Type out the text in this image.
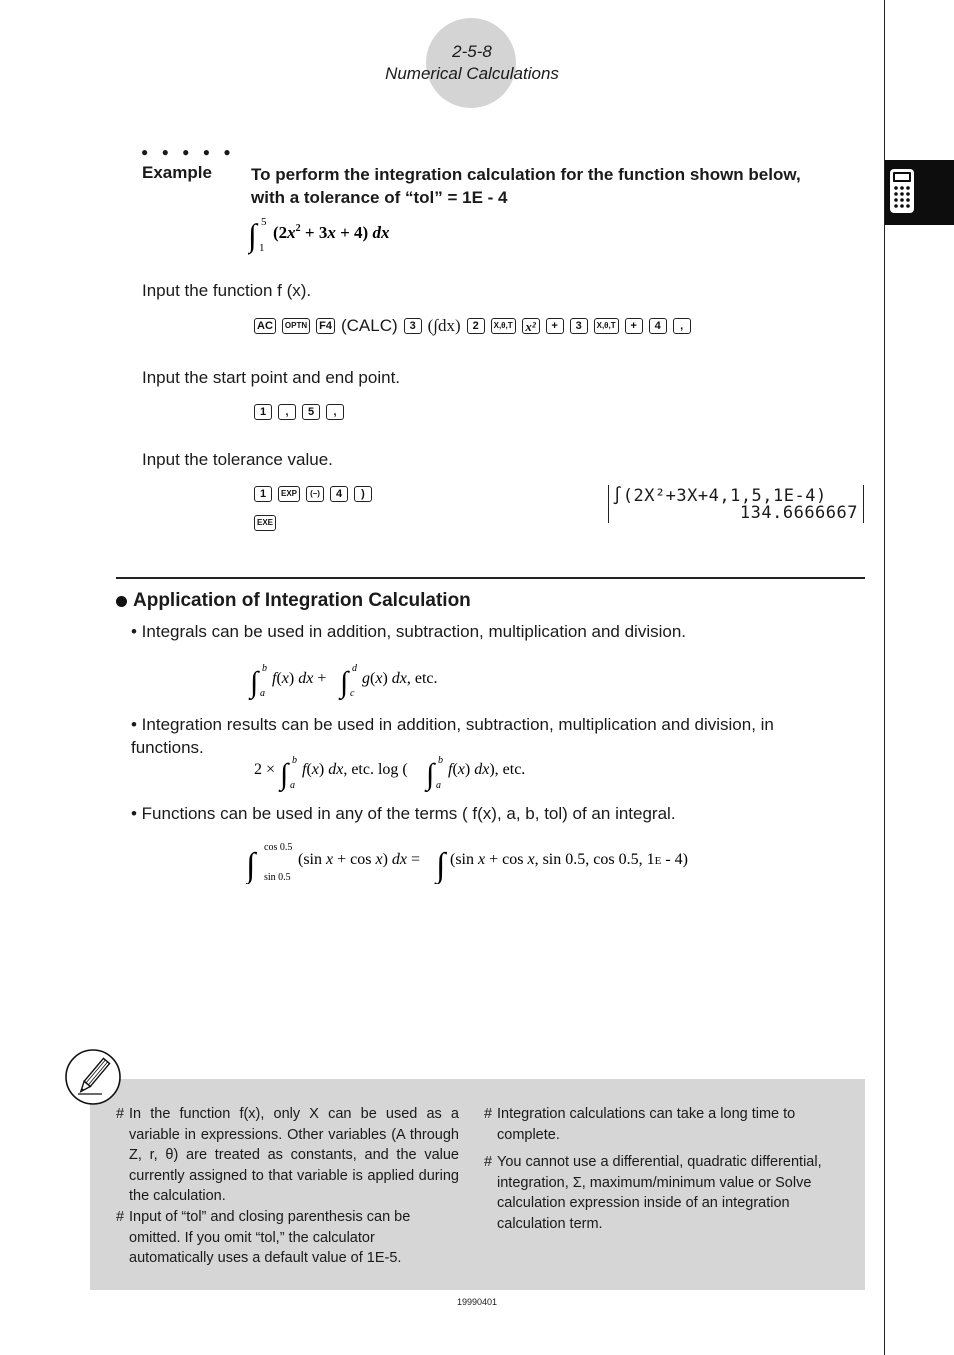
2-5-8
Numerical Calculations
● ● ● ● ●
Example To perform the integration calculation for the function shown below, with a tolerance of “tol” = 1E - 4
∫ 5
1
$(2x^2 + 3x + 4)$ dx
Input the function f (x).
AC	OPTN F4 (CALC)	3 (∫dx)	2	X,θ,T x²	+	3	X,θ,T	+	4	,
Input the start point and end point.
1	,	5	,
Input the tolerance value.
1	EXP	(–)	4	)
EXE
∫(2X²+3X+4,1,5,1E-4)
134.6666667
Application of Integration Calculation
• Integrals can be used in addition, subtraction, multiplication and division.
∫ b
a
f(x) dx + ∫ d
c
g(x) dx, etc.
• Integration results can be used in addition, subtraction, multiplication and division, in functions.
2 × ∫ b
a
f(x) dx, etc. log ( ∫ b
a
f(x) dx), etc.
• Functions can be used in any of the terms ( f(x), a, b, tol) of an integral.
∫ cos 0.5
sin 0.5
(sin x + cos x) dx = ∫ (sin x + cos x, sin 0.5, cos 0.5, 1E - 4)
# In the function f(x), only X can be used as a variable in expressions. Other variables (A through Z, r, θ) are treated as constants, and the value currently assigned to that variable is applied during the calculation.
# Input of “tol” and closing parenthesis can be omitted. If you omit “tol,” the calculator automatically uses a default value of 1E-5.
# Integration calculations can take a long time to complete.
# You cannot use a differential, quadratic differential, integration, Σ, maximum/minimum value or Solve calculation expression inside of an integration calculation term.
19990401
